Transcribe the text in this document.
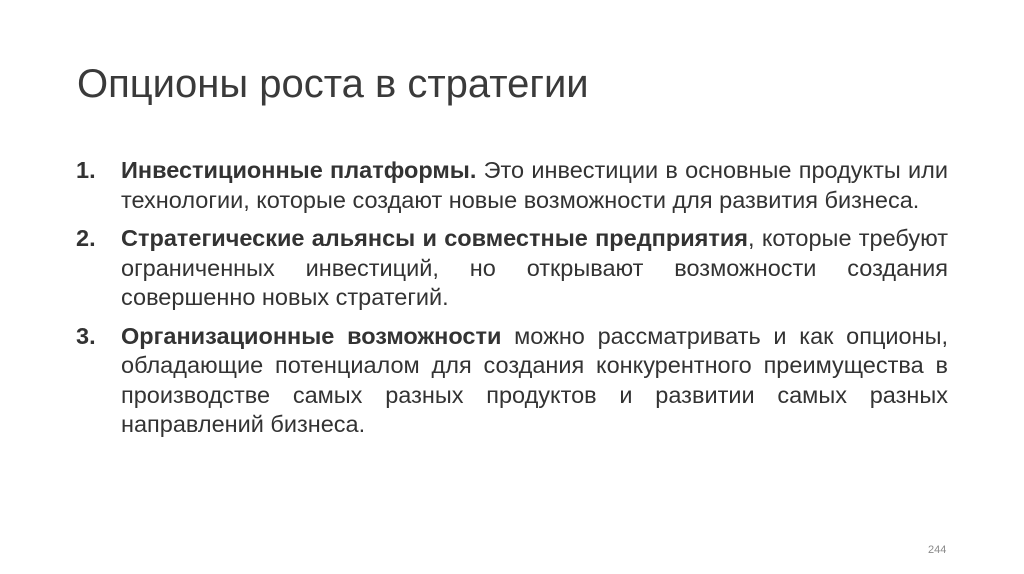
Опционы роста в стратегии
1. Инвестиционные платформы. Это инвестиции в основные продукты или технологии, которые создают новые возможности для развития бизнеса.
2. Стратегические альянсы и совместные предприятия, которые требуют ограниченных инвестиций, но открывают возможности создания совершенно новых стратегий.
3. Организационные возможности можно рассматривать и как опционы, обладающие потенциалом для создания конкурентного преимущества в производстве самых разных продуктов и развитии самых разных направлений бизнеса.
244
